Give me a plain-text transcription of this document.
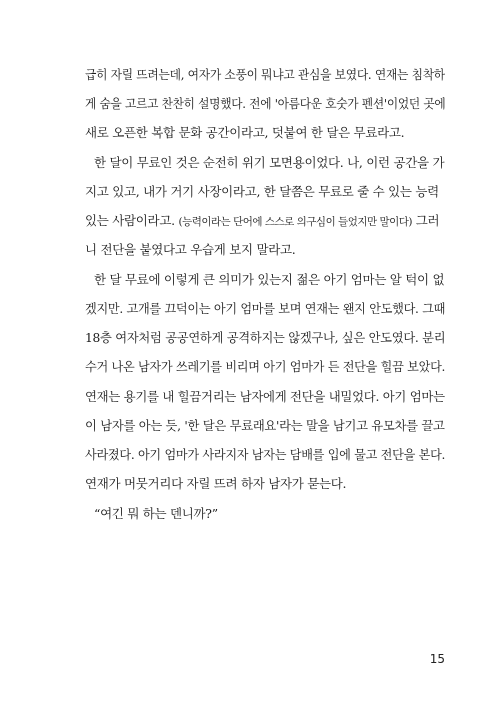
급히 자릴 뜨려는데, 여자가 소풍이 뭐냐고 관심을 보였다. 연재는 침착하
게 숨을 고르고 찬찬히 설명했다. 전에 '아름다운 호숫가 펜션'이었던 곳에
새로 오픈한 복합 문화 공간이라고, 덧붙여 한 달은 무료라고.
한 달이 무료인 것은 순전히 위기 모면용이었다. 나, 이런 공간을 가
지고 있고, 내가 거기 사장이라고, 한 달쯤은 무료로 줄 수 있는 능력
있는 사람이라고. (능력이라는 단어에 스스로 의구심이 들었지만 말이다) 그러
니 전단을 붙였다고 우습게 보지 말라고.
한 달 무료에 이렇게 큰 의미가 있는지 젊은 아기 엄마는 알 턱이 없
겠지만. 고개를 끄덕이는 아기 엄마를 보며 연재는 왠지 안도했다. 그때
18층 여자처럼 공공연하게 공격하지는 않겠구나, 싶은 안도였다. 분리
수거 나온 남자가 쓰레기를 비리며 아기 엄마가 든 전단을 힐끔 보았다.
연재는 용기를 내 힐끔거리는 남자에게 전단을 내밀었다. 아기 엄마는
이 남자를 아는 듯, '한 달은 무료래요'라는 말을 남기고 유모차를 끌고
사라졌다. 아기 엄마가 사라지자 남자는 담배를 입에 물고 전단을 본다.
연재가 머뭇거리다 자릴 뜨려 하자 남자가 묻는다.
“여긴 뭐 하는 덴니까?”
15
